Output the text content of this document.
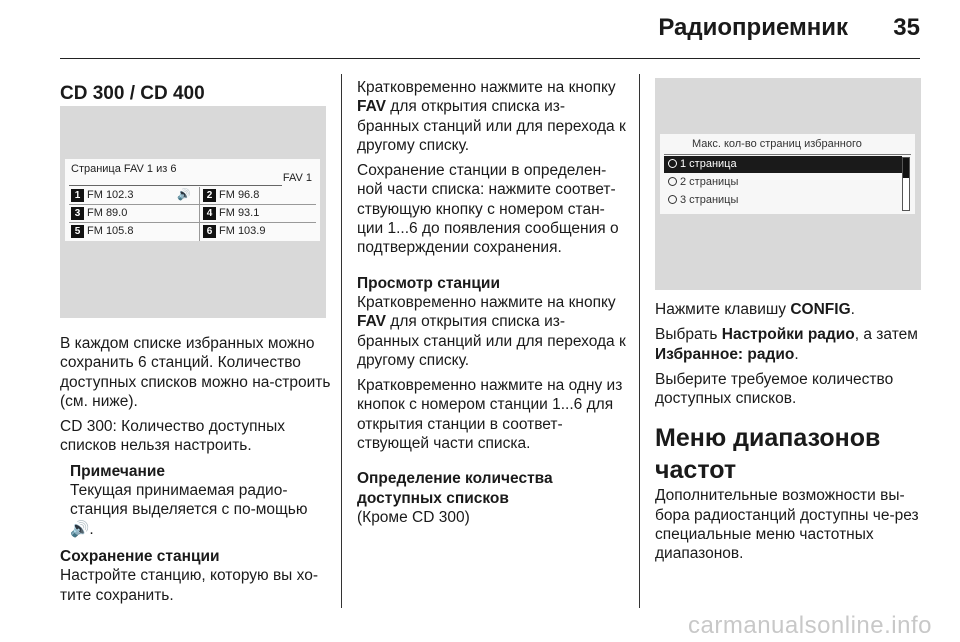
Радиоприемник 35
CD 300 / CD 400
Страница FAV 1 из 6
FAV 1
1 FM 102.3	🔊	2 FM 96.8
3 FM 89.0	4 FM 93.1
5 FM 105.8	6 FM 103.9

В каждом списке избранных можно сохранить 6 станций. Количество доступных списков можно на-строить (см. ниже).

CD 300: Количество доступных списков нельзя настроить.

Примечание
Текущая принимаемая радио-станция выделяется с по-мощью 🔊.
Сохранение станции

Настройте станцию, которую вы хо-тите сохранить.

Кратковременно нажмите на кнопку FAV для открытия списка из-бранных станций или для перехода к другому списку.

Сохранение станции в определен-ной части списка: нажмите соответ-ствующую кнопку с номером стан-ции 1...6 до появления сообщения о подтверждении сохранения.

Просмотр станции

Кратковременно нажмите на кнопку FAV для открытия списка из-бранных станций или для перехода к другому списку.

Кратковременно нажмите на одну из кнопок с номером станции 1...6 для открытия станции в соответ-ствующей части списка.

Определение количества доступных списков

(Кроме CD 300)

Макс. кол-во страниц избранного
1 страница
2 страницы
3 страницы

Нажмите клавишу CONFIG.

Выбрать Настройки радио, а затем Избранное: радио.

Выберите требуемое количество доступных списков.

Меню диапазонов частот

Дополнительные возможности вы-бора радиостанций доступны че-рез специальные меню частотных диапазонов.

carmanualsonline.info
